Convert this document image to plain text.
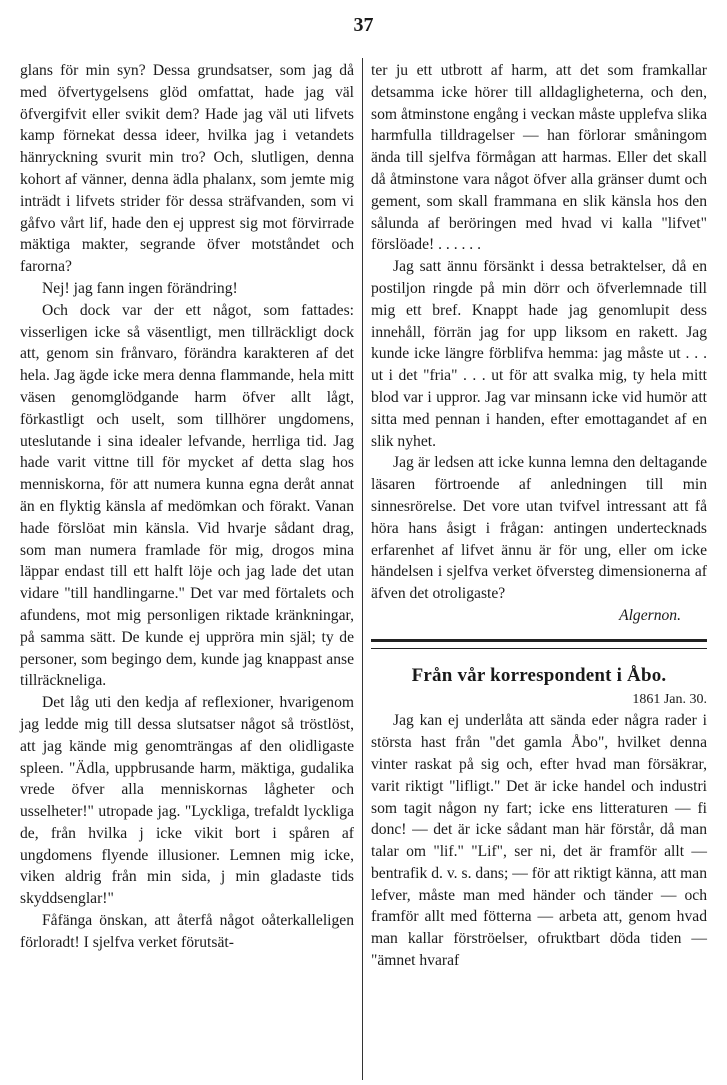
37

glans för min syn? Dessa grundsatser, som jag då med öfvertygelsens glöd omfattat, hade jag väl öfvergifvit eller svikit dem? Hade jag väl uti lifvets kamp förnekat dessa ideer, hvilka jag i vetandets hänryckning svurit min tro? Och, slutligen, denna kohort af vänner, denna ädla phalanx, som jemte mig inträdt i lifvets strider för dessa sträfvanden, som vi gåfvo vårt lif, hade den ej upprest sig mot förvirrade mäktiga makter, segrande öfver motståndet och farorna?

Nej! jag fann ingen förändring!

Och dock var der ett något, som fattades: visserligen icke så väsentligt, men tillräckligt dock att, genom sin frånvaro, förändra karakteren af det hela. Jag ägde icke mera denna flammande, hela mitt väsen genomglödgande harm öfver allt lågt, förkastligt och uselt, som tillhörer ungdomens, uteslutande i sina idealer lefvande, herrliga tid. Jag hade varit vittne till för mycket af detta slag hos menniskorna, för att numera kunna egna deråt annat än en flyktig känsla af medömkan och förakt. Vanan hade förslöat min känsla. Vid hvarje sådant drag, som man numera framlade för mig, drogos mina läppar endast till ett halft löje och jag lade det utan vidare "till handlingarne." Det var med förtalets och afundens, mot mig personligen riktade kränkningar, på samma sätt. De kunde ej uppröra min själ; ty de personer, som begingo dem, kunde jag knappast anse tillräckneliga.

Det låg uti den kedja af reflexioner, hvarigenom jag ledde mig till dessa slutsatser något så tröstlöst, att jag kände mig genomträngas af den olidligaste spleen. "Ädla, uppbrusande harm, mäktiga, gudalika vrede öfver alla menniskornas lågheter och usselheter!" utropade jag. "Lyckliga, trefaldt lyckliga de, från hvilka j icke vikit bort i spåren af ungdomens flyende illusioner. Lemnen mig icke, viken aldrig från min sida, j min gladaste tids skyddsenglar!"

Fåfänga önskan, att återfå något oåterkalleligen förloradt! I sjelfva verket förutsät-

ter ju ett utbrott af harm, att det som framkallar detsamma icke hörer till alldagligheterna, och den, som åtminstone engång i veckan måste upplefva slika harmfulla tilldragelser — han förlorar småningom ända till sjelfva förmågan att harmas. Eller det skall då åtminstone vara något öfver alla gränser dumt och gement, som skall frammana en slik känsla hos den sålunda af beröringen med hvad vi kalla "lifvet" förslöade! . . . . . .

Jag satt ännu försänkt i dessa betraktelser, då en postiljon ringde på min dörr och öfverlemnade till mig ett bref. Knappt hade jag genomlupit dess innehåll, förrän jag for upp liksom en rakett. Jag kunde icke längre förblifva hemma: jag måste ut . . . ut i det "fria" . . . ut för att svalka mig, ty hela mitt blod var i uppror. Jag var minsann icke vid humör att sitta med pennan i handen, efter emottagandet af en slik nyhet.

Jag är ledsen att icke kunna lemna den deltagande läsaren förtroende af anledningen till min sinnesrörelse. Det vore utan tvifvel intressant att få höra hans åsigt i frågan: antingen undertecknads erfarenhet af lifvet ännu är för ung, eller om icke händelsen i sjelfva verket öfversteg dimensionerna af äfven det otroligaste?

Algernon.

Från vår korrespondent i Åbo.

1861 Jan. 30.

Jag kan ej underlåta att sända eder några rader i största hast från "det gamla Åbo", hvilket denna vinter raskat på sig och, efter hvad man försäkrar, varit riktigt "lifligt." Det är icke handel och industri som tagit någon ny fart; icke ens litteraturen — fi donc! — det är icke sådant man här förstår, då man talar om "lif." "Lif", ser ni, det är framför allt — bentrafik d. v. s. dans; — för att riktigt känna, att man lefver, måste man med händer och tänder — och framför allt med fötterna — arbeta att, genom hvad man kallar förströelser, ofruktbart döda tiden — "ämnet hvaraf
